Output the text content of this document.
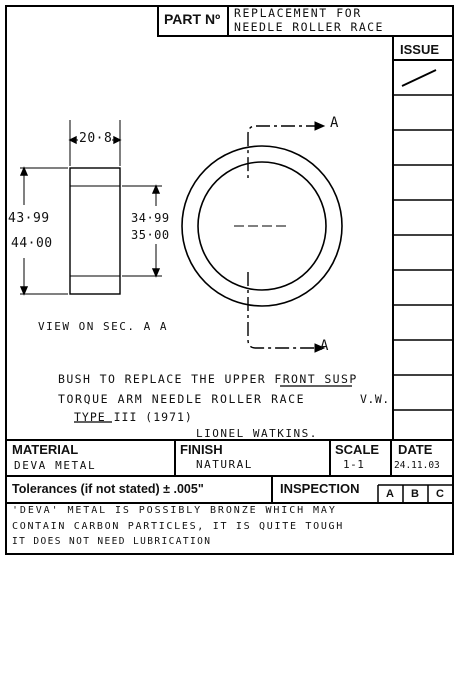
PART Nº REPLACEMENT FOR
NEEDLE ROLLER RACE
ISSUE
20·8
43·99
44·00
34·99
35·00
A
A
VIEW ON SEC. A A
BUSH TO REPLACE THE UPPER FRONT SUSP
TORQUE ARM NEEDLE ROLLER RACE	V.W.
TYPE III (1971)
LIONEL WATKINS.
MATERIAL
DEVA METAL
FINISH
NATURAL
SCALE
1-1
DATE
24.11.03
Tolerances (if not stated) ± .005"	INSPECTION A B C
'DEVA' METAL IS POSSIBLY BRONZE WHICH MAY
CONTAIN CARBON PARTICLES, IT IS QUITE TOUGH
IT DOES NOT NEED LUBRICATION
